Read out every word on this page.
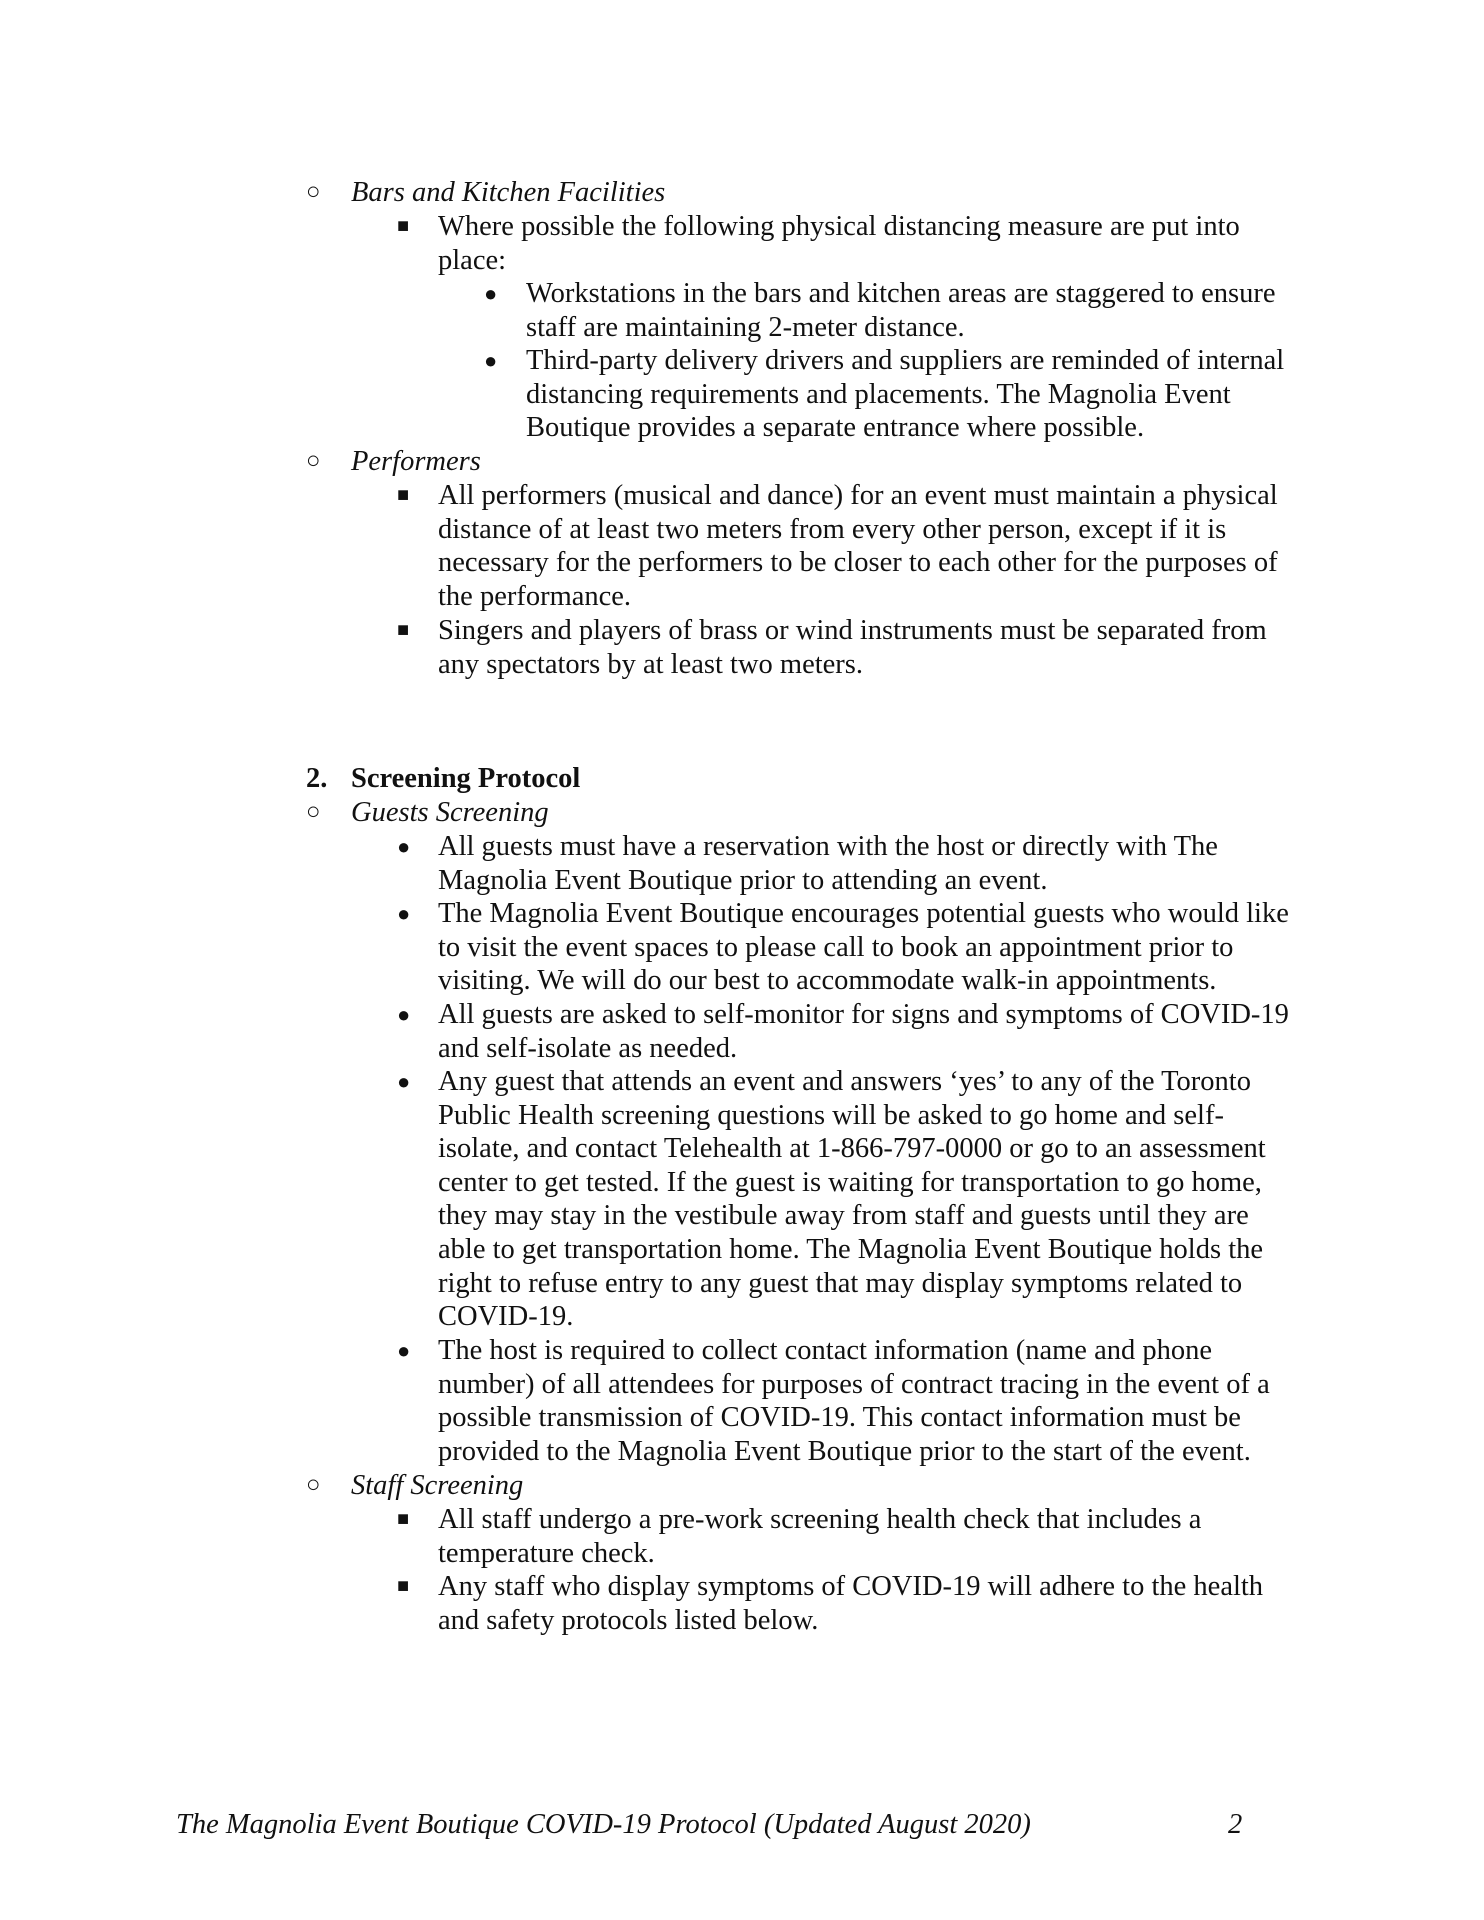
○ Bars and Kitchen Facilities
■ Where possible the following physical distancing measure are put into
place:
● Workstations in the bars and kitchen areas are staggered to ensure
staff are maintaining 2-meter distance.
● Third-party delivery drivers and suppliers are reminded of internal
distancing requirements and placements. The Magnolia Event
Boutique provides a separate entrance where possible.
○ Performers
■ All performers (musical and dance) for an event must maintain a physical
distance of at least two meters from every other person, except if it is
necessary for the performers to be closer to each other for the purposes of
the performance.
■ Singers and players of brass or wind instruments must be separated from
any spectators by at least two meters.
2. Screening Protocol
○ Guests Screening
● All guests must have a reservation with the host or directly with The
Magnolia Event Boutique prior to attending an event.
● The Magnolia Event Boutique encourages potential guests who would like
to visit the event spaces to please call to book an appointment prior to
visiting. We will do our best to accommodate walk-in appointments.
● All guests are asked to self-monitor for signs and symptoms of COVID-19
and self-isolate as needed.
● Any guest that attends an event and answers ‘yes’ to any of the Toronto
Public Health screening questions will be asked to go home and self-
isolate, and contact Telehealth at 1-866-797-0000 or go to an assessment
center to get tested. If the guest is waiting for transportation to go home,
they may stay in the vestibule away from staff and guests until they are
able to get transportation home. The Magnolia Event Boutique holds the
right to refuse entry to any guest that may display symptoms related to
COVID-19.
● The host is required to collect contact information (name and phone
number) of all attendees for purposes of contract tracing in the event of a
possible transmission of COVID-19. This contact information must be
provided to the Magnolia Event Boutique prior to the start of the event.
○ Staff Screening
■ All staff undergo a pre-work screening health check that includes a
temperature check.
■ Any staff who display symptoms of COVID-19 will adhere to the health
and safety protocols listed below.
The Magnolia Event Boutique COVID-19 Protocol (Updated August 2020)	2
